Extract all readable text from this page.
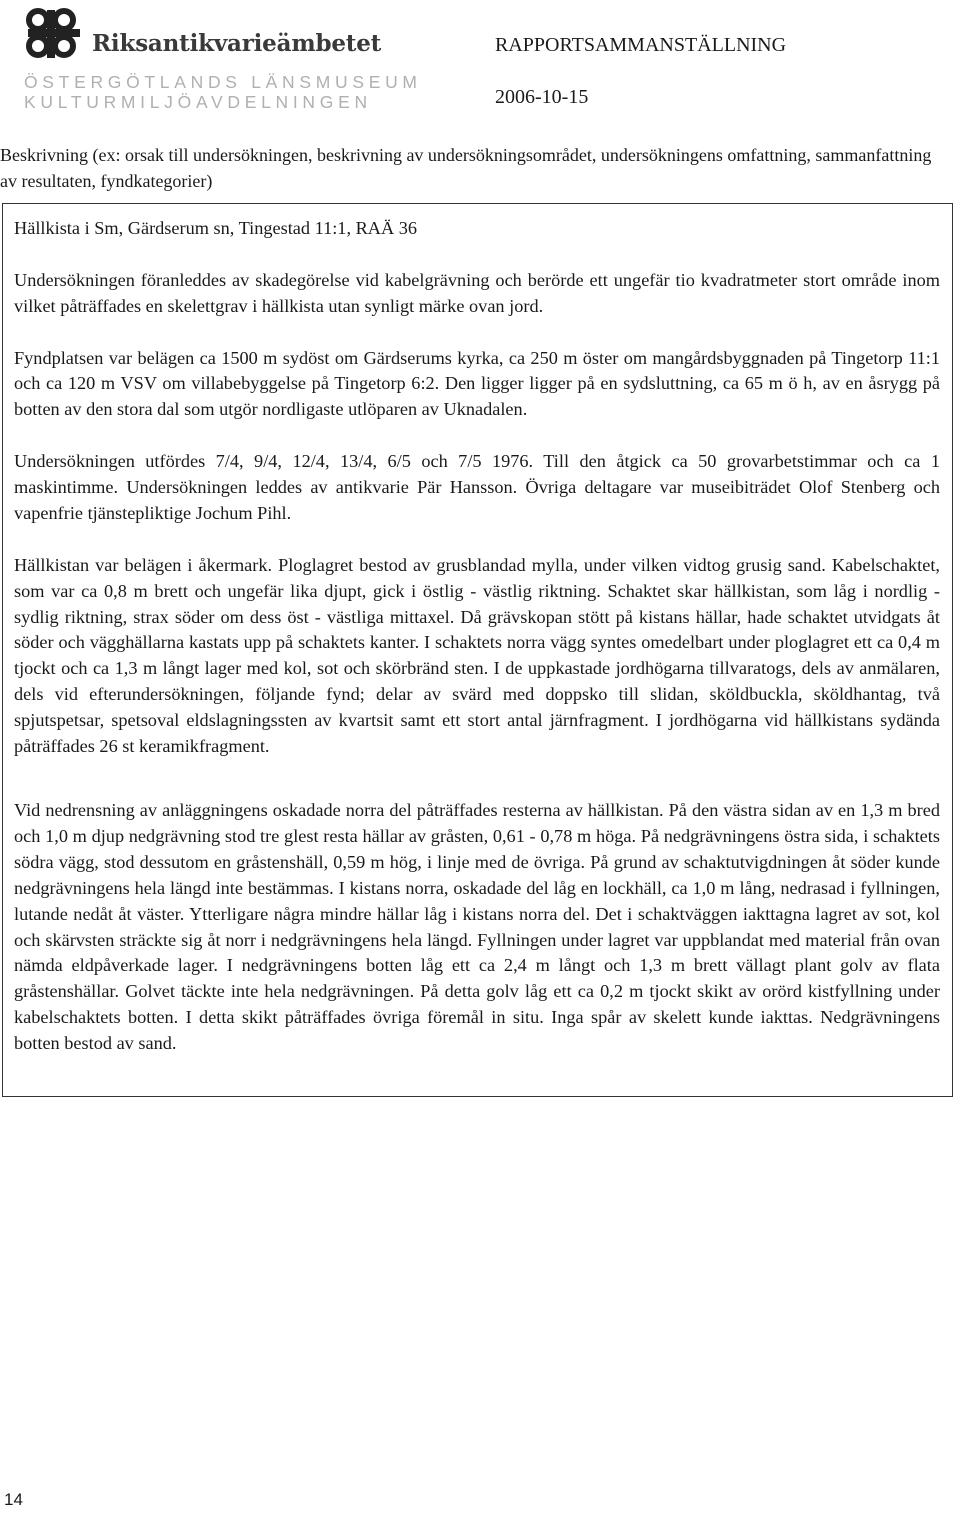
Riksantikvarieämbetet
ÖSTERGÖTLANDS LÄNSMUSEUM
KULTURMILJÖAVDELNINGEN
RAPPORTSAMMANSTÄLLNING
2006-10-15
Beskrivning (ex: orsak till undersökningen, beskrivning av undersökningsområdet, undersökningens omfattning, sammanfattning av resultaten, fyndkategorier)

Hällkista i Sm, Gärdserum sn, Tingestad 11:1, RAÄ 36

Undersökningen föranleddes av skadegörelse vid kabelgrävning och berörde ett ungefär tio kvadratmeter stort område inom vilket påträffades en skelettgrav i hällkista utan synligt märke ovan jord.

Fyndplatsen var belägen ca 1500 m sydöst om Gärdserums kyrka, ca 250 m öster om mangårdsbyggnaden på Tingetorp 11:1 och ca 120 m VSV om villabebyggelse på Tingetorp 6:2. Den ligger ligger på en sydsluttning, ca 65 m ö h, av en åsrygg på botten av den stora dal som utgör nordligaste utlöparen av Uknadalen.

Undersökningen utfördes 7/4, 9/4, 12/4, 13/4, 6/5 och 7/5 1976. Till den åtgick ca 50 grovarbetstimmar och ca 1 maskintimme. Undersökningen leddes av antikvarie Pär Hansson. Övriga deltagare var museibiträdet Olof Stenberg och vapenfrie tjänstepliktige Jochum Pihl.

Hällkistan var belägen i åkermark. Ploglagret bestod av grusblandad mylla, under vilken vidtog grusig sand. Kabelschaktet, som var ca 0,8 m brett och ungefär lika djupt, gick i östlig - västlig riktning. Schaktet skar hällkistan, som låg i nordlig - sydlig riktning, strax söder om dess öst - västliga mittaxel. Då grävskopan stött på kistans hällar, hade schaktet utvidgats åt söder och vägghällarna kastats upp på schaktets kanter. I schaktets norra vägg syntes omedelbart under ploglagret ett ca 0,4 m tjockt och ca 1,3 m långt lager med kol, sot och skörbränd sten. I de uppkastade jordhögarna tillvaratogs, dels av anmälaren, dels vid efterundersökningen, följande fynd; delar av svärd med doppsko till slidan, sköldbuckla, sköldhantag, två spjutspetsar, spetsoval eldslagningssten av kvartsit samt ett stort antal järnfragment. I jordhögarna vid hällkistans sydända påträffades 26 st keramikfragment.

Vid nedrensning av anläggningens oskadade norra del påträffades resterna av hällkistan. På den västra sidan av en 1,3 m bred och 1,0 m djup nedgrävning stod tre glest resta hällar av gråsten, 0,61 - 0,78 m höga. På nedgrävningens östra sida, i schaktets södra vägg, stod dessutom en gråstenshäll, 0,59 m hög, i linje med de övriga. På grund av schaktutvigdningen åt söder kunde nedgrävningens hela längd inte bestämmas. I kistans norra, oskadade del låg en lockhäll, ca 1,0 m lång, nedrasad i fyllningen, lutande nedåt åt väster. Ytterligare några mindre hällar låg i kistans norra del. Det i schaktväggen iakttagna lagret av sot, kol och skärvsten sträckte sig åt norr i nedgrävningens hela längd. Fyllningen under lagret var uppblandat med material från ovan nämda eldpåverkade lager. I nedgrävningens botten låg ett ca 2,4 m långt och 1,3 m brett vällagt plant golv av flata gråstenshällar. Golvet täckte inte hela nedgrävningen. På detta golv låg ett ca 0,2 m tjockt skikt av orörd kistfyllning under kabelschaktets botten. I detta skikt påträffades övriga föremål in situ. Inga spår av skelett kunde iakttas. Nedgrävningens botten bestod av sand.

14
